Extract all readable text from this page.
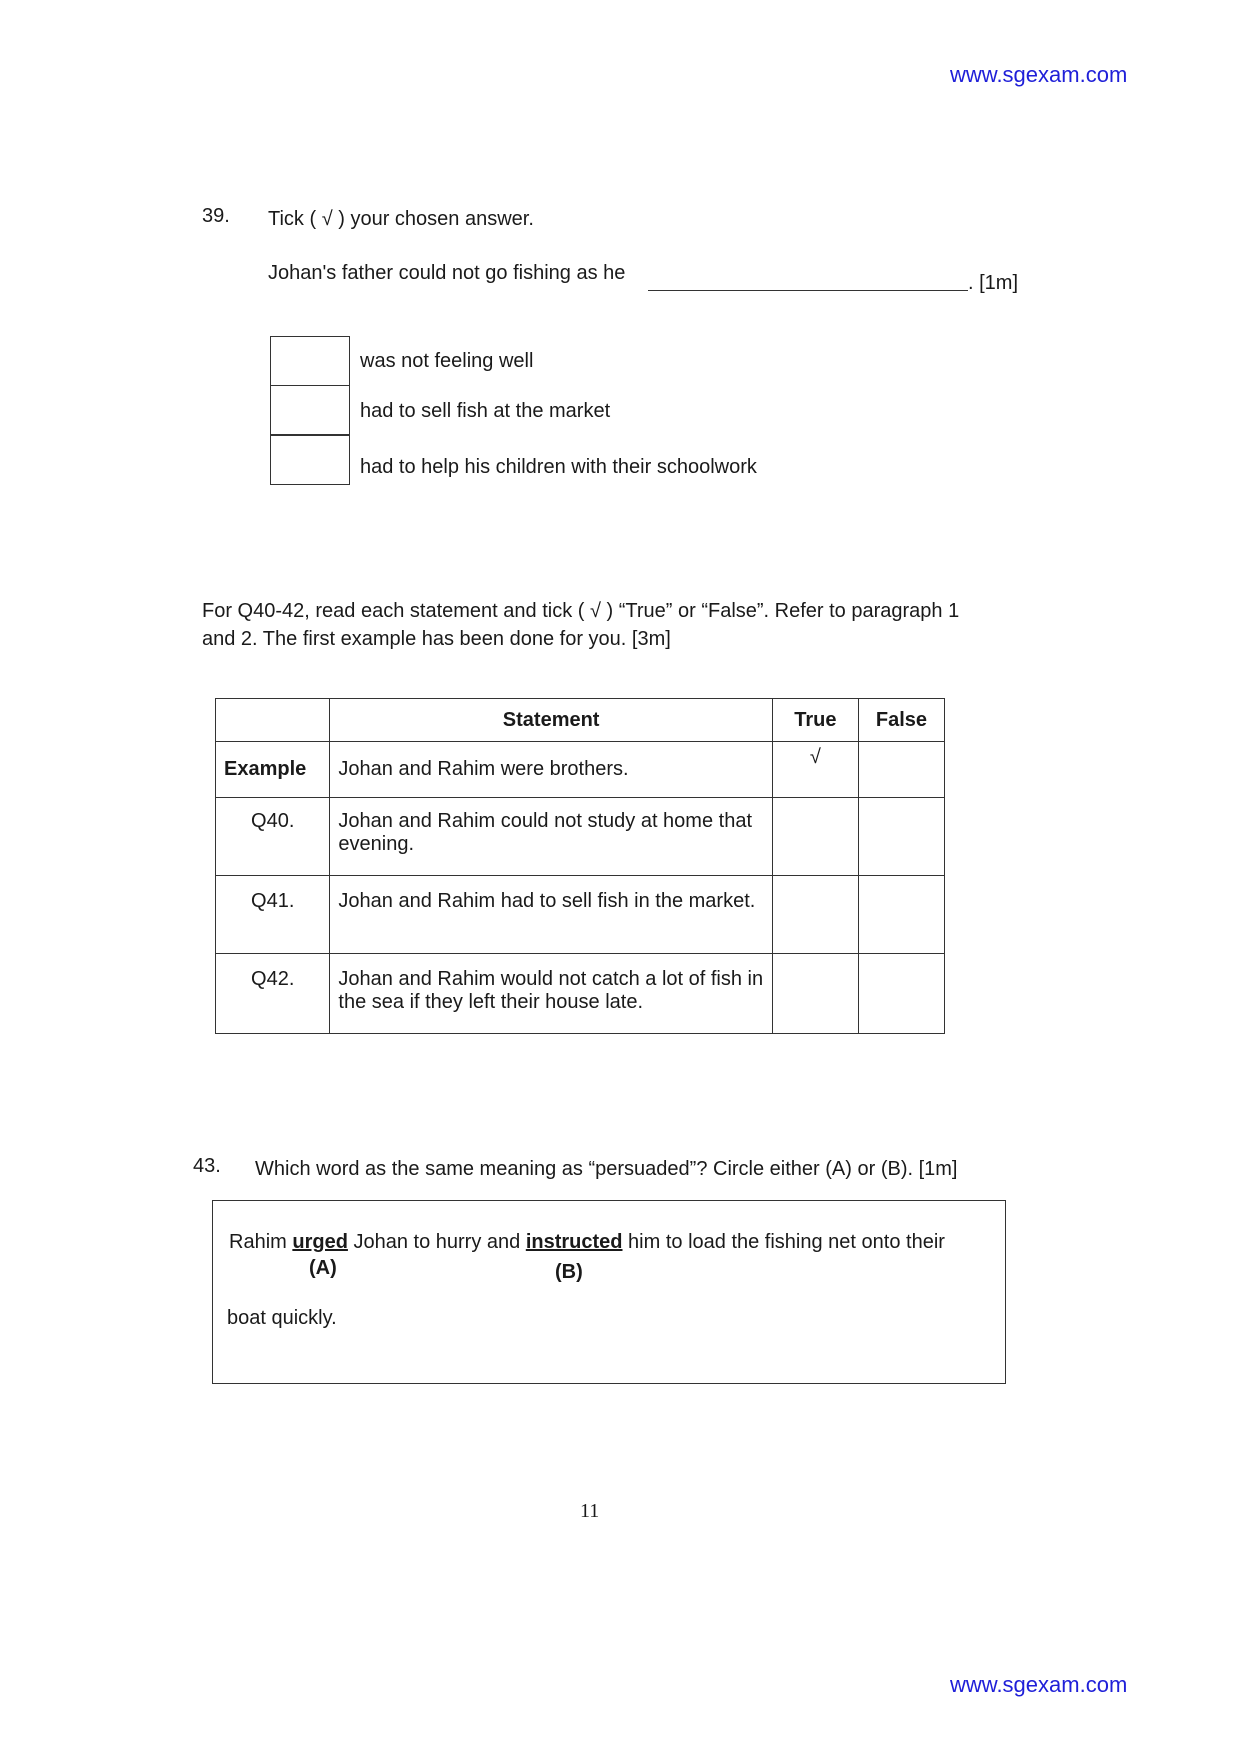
www.sgexam.com
39. Tick ( √ ) your chosen answer.
Johan's father could not go fishing as he	. [1m]
was not feeling well
had to sell fish at the market
had to help his children with their schoolwork
For Q40-42, read each statement and tick ( √ ) “True” or “False”. Refer to paragraph 1
and 2. The first example has been done for you. [3m]
	Statement	True	False
Example	Johan and Rahim were brothers.	√	
Q40.	Johan and Rahim could not study at home that evening.		
Q41.	Johan and Rahim had to sell fish in the market.		
Q42.	Johan and Rahim would not catch a lot of fish in the sea if they left their house late.		
43. Which word as the same meaning as “persuaded”? Circle either (A) or (B). [1m]
Rahim urged Johan to hurry and instructed him to load the fishing net onto their
(A)	(B)
boat quickly.
11
www.sgexam.com
